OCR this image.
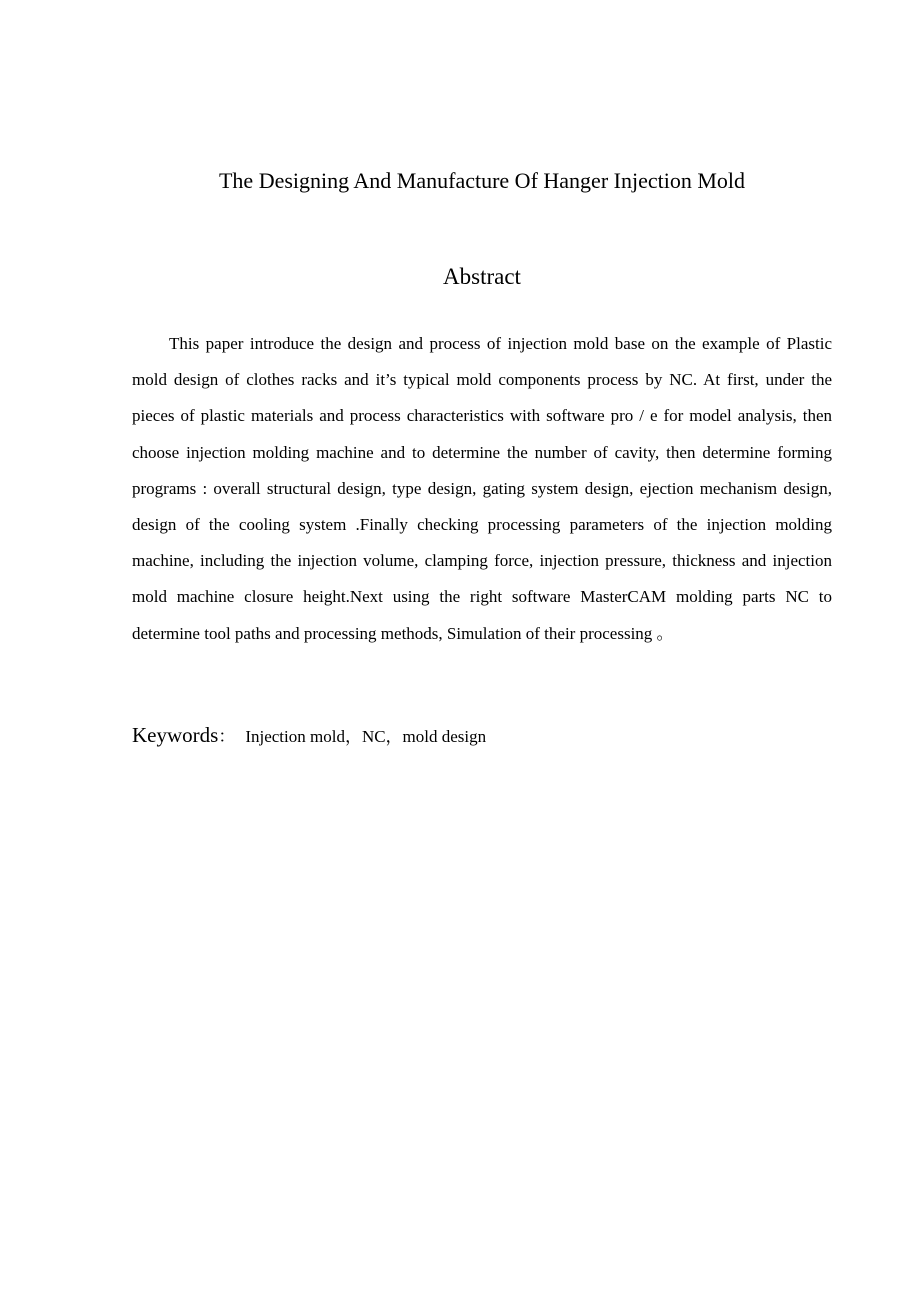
The Designing And Manufacture Of Hanger Injection Mold
Abstract

This paper introduce the design and process of injection mold base on the example of Plastic mold design of clothes racks and it’s typical mold components process by NC. At first, under the pieces of plastic materials and process characteristics with software pro / e for model analysis, then choose injection molding machine and to determine the number of cavity, then determine forming programs : overall structural design, type design, gating system design, ejection mechanism design, design of the cooling system .Finally checking processing parameters of the injection molding machine, including the injection volume, clamping force, injection pressure, thickness and injection mold machine closure height.Next using the right software MasterCAM molding parts NC to determine tool paths and processing methods, Simulation of their processing 。

Keywords： Injection mold，NC，mold design
